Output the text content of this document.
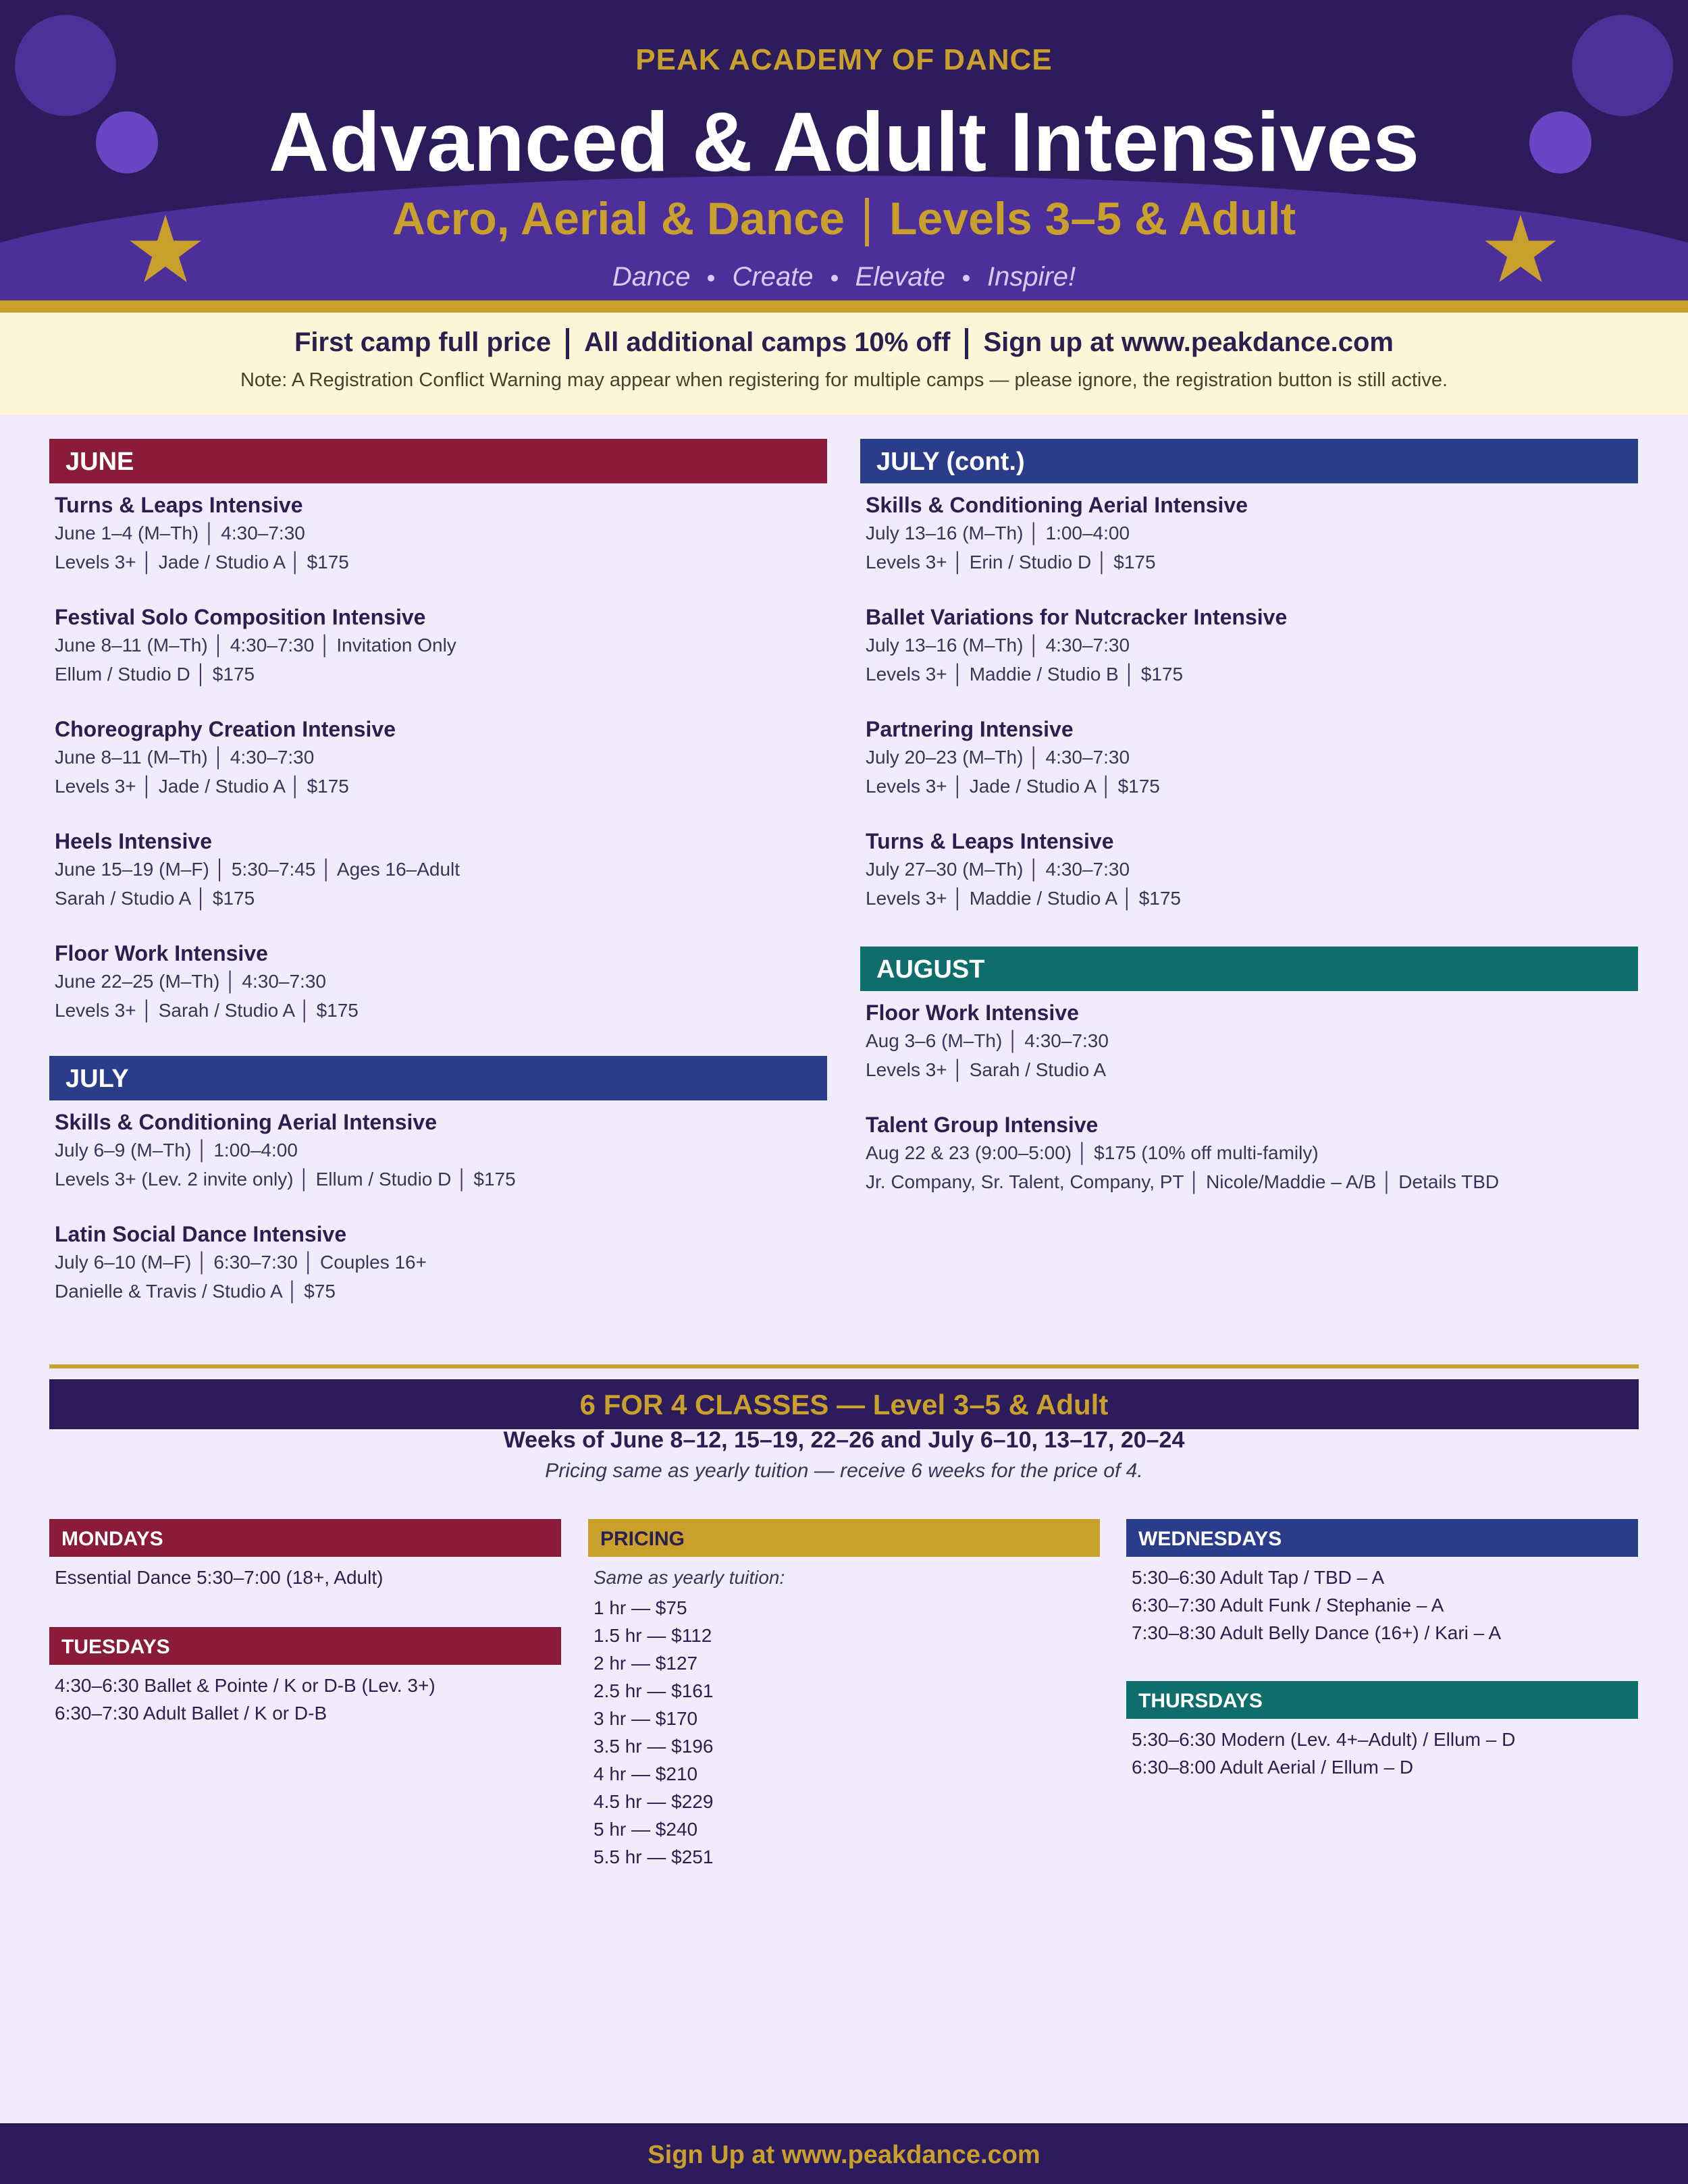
PEAK ACADEMY OF DANCE
Advanced & Adult Intensives
Acro, Aerial & Dance Levels 3–5 & Adult
Dance Create Elevate Inspire!
First camp full price All additional camps 10% off Sign up at www.peakdance.com
Note: A Registration Conflict Warning may appear when registering for multiple camps — please ignore, the registration button is still active.
JUNE
Turns & Leaps Intensive
June 1–4 (M–Th) │ 4:30–7:30
Levels 3+ │ Jade / Studio A │ $175
Festival Solo Composition Intensive
June 8–11 (M–Th) │ 4:30–7:30 │ Invitation Only
Ellum / Studio D │ $175
Choreography Creation Intensive
June 8–11 (M–Th) │ 4:30–7:30
Levels 3+ │ Jade / Studio A │ $175
Heels Intensive
June 15–19 (M–F) │ 5:30–7:45 │ Ages 16–Adult
Sarah / Studio A │ $175
Floor Work Intensive
June 22–25 (M–Th) │ 4:30–7:30
Levels 3+ │ Sarah / Studio A │ $175
JULY
Skills & Conditioning Aerial Intensive
July 6–9 (M–Th) │ 1:00–4:00
Levels 3+ (Lev. 2 invite only) │ Ellum / Studio D │ $175
Latin Social Dance Intensive
July 6–10 (M–F) │ 6:30–7:30 │ Couples 16+
Danielle & Travis / Studio A │ $75
JULY (cont.)
Skills & Conditioning Aerial Intensive
July 13–16 (M–Th) │ 1:00–4:00
Levels 3+ │ Erin / Studio D │ $175
Ballet Variations for Nutcracker Intensive
July 13–16 (M–Th) │ 4:30–7:30
Levels 3+ │ Maddie / Studio B │ $175
Partnering Intensive
July 20–23 (M–Th) │ 4:30–7:30
Levels 3+ │ Jade / Studio A │ $175
Turns & Leaps Intensive
July 27–30 (M–Th) │ 4:30–7:30
Levels 3+ │ Maddie / Studio A │ $175
AUGUST
Floor Work Intensive
Aug 3–6 (M–Th) │ 4:30–7:30
Levels 3+ │ Sarah / Studio A
Talent Group Intensive
Aug 22 & 23 (9:00–5:00) │ $175 (10% off multi-family)
Jr. Company, Sr. Talent, Company, PT │ Nicole/Maddie – A/B │ Details TBD
6 FOR 4 CLASSES — Level 3–5 & Adult
Weeks of June 8–12, 15–19, 22–26 and July 6–10, 13–17, 20–24
Pricing same as yearly tuition — receive 6 weeks for the price of 4.
MONDAYS
Essential Dance 5:30–7:00 (18+, Adult)
TUESDAYS
4:30–6:30 Ballet & Pointe / K or D-B (Lev. 3+)
6:30–7:30 Adult Ballet / K or D-B
PRICING
Same as yearly tuition:
1 hr — $75
1.5 hr — $112
2 hr — $127
2.5 hr — $161
3 hr — $170
3.5 hr — $196
4 hr — $210
4.5 hr — $229
5 hr — $240
5.5 hr — $251
WEDNESDAYS
5:30–6:30 Adult Tap / TBD – A
6:30–7:30 Adult Funk / Stephanie – A
7:30–8:30 Adult Belly Dance (16+) / Kari – A
THURSDAYS
5:30–6:30 Modern (Lev. 4+–Adult) / Ellum – D
6:30–8:00 Adult Aerial / Ellum – D
Sign Up at www.peakdance.com
